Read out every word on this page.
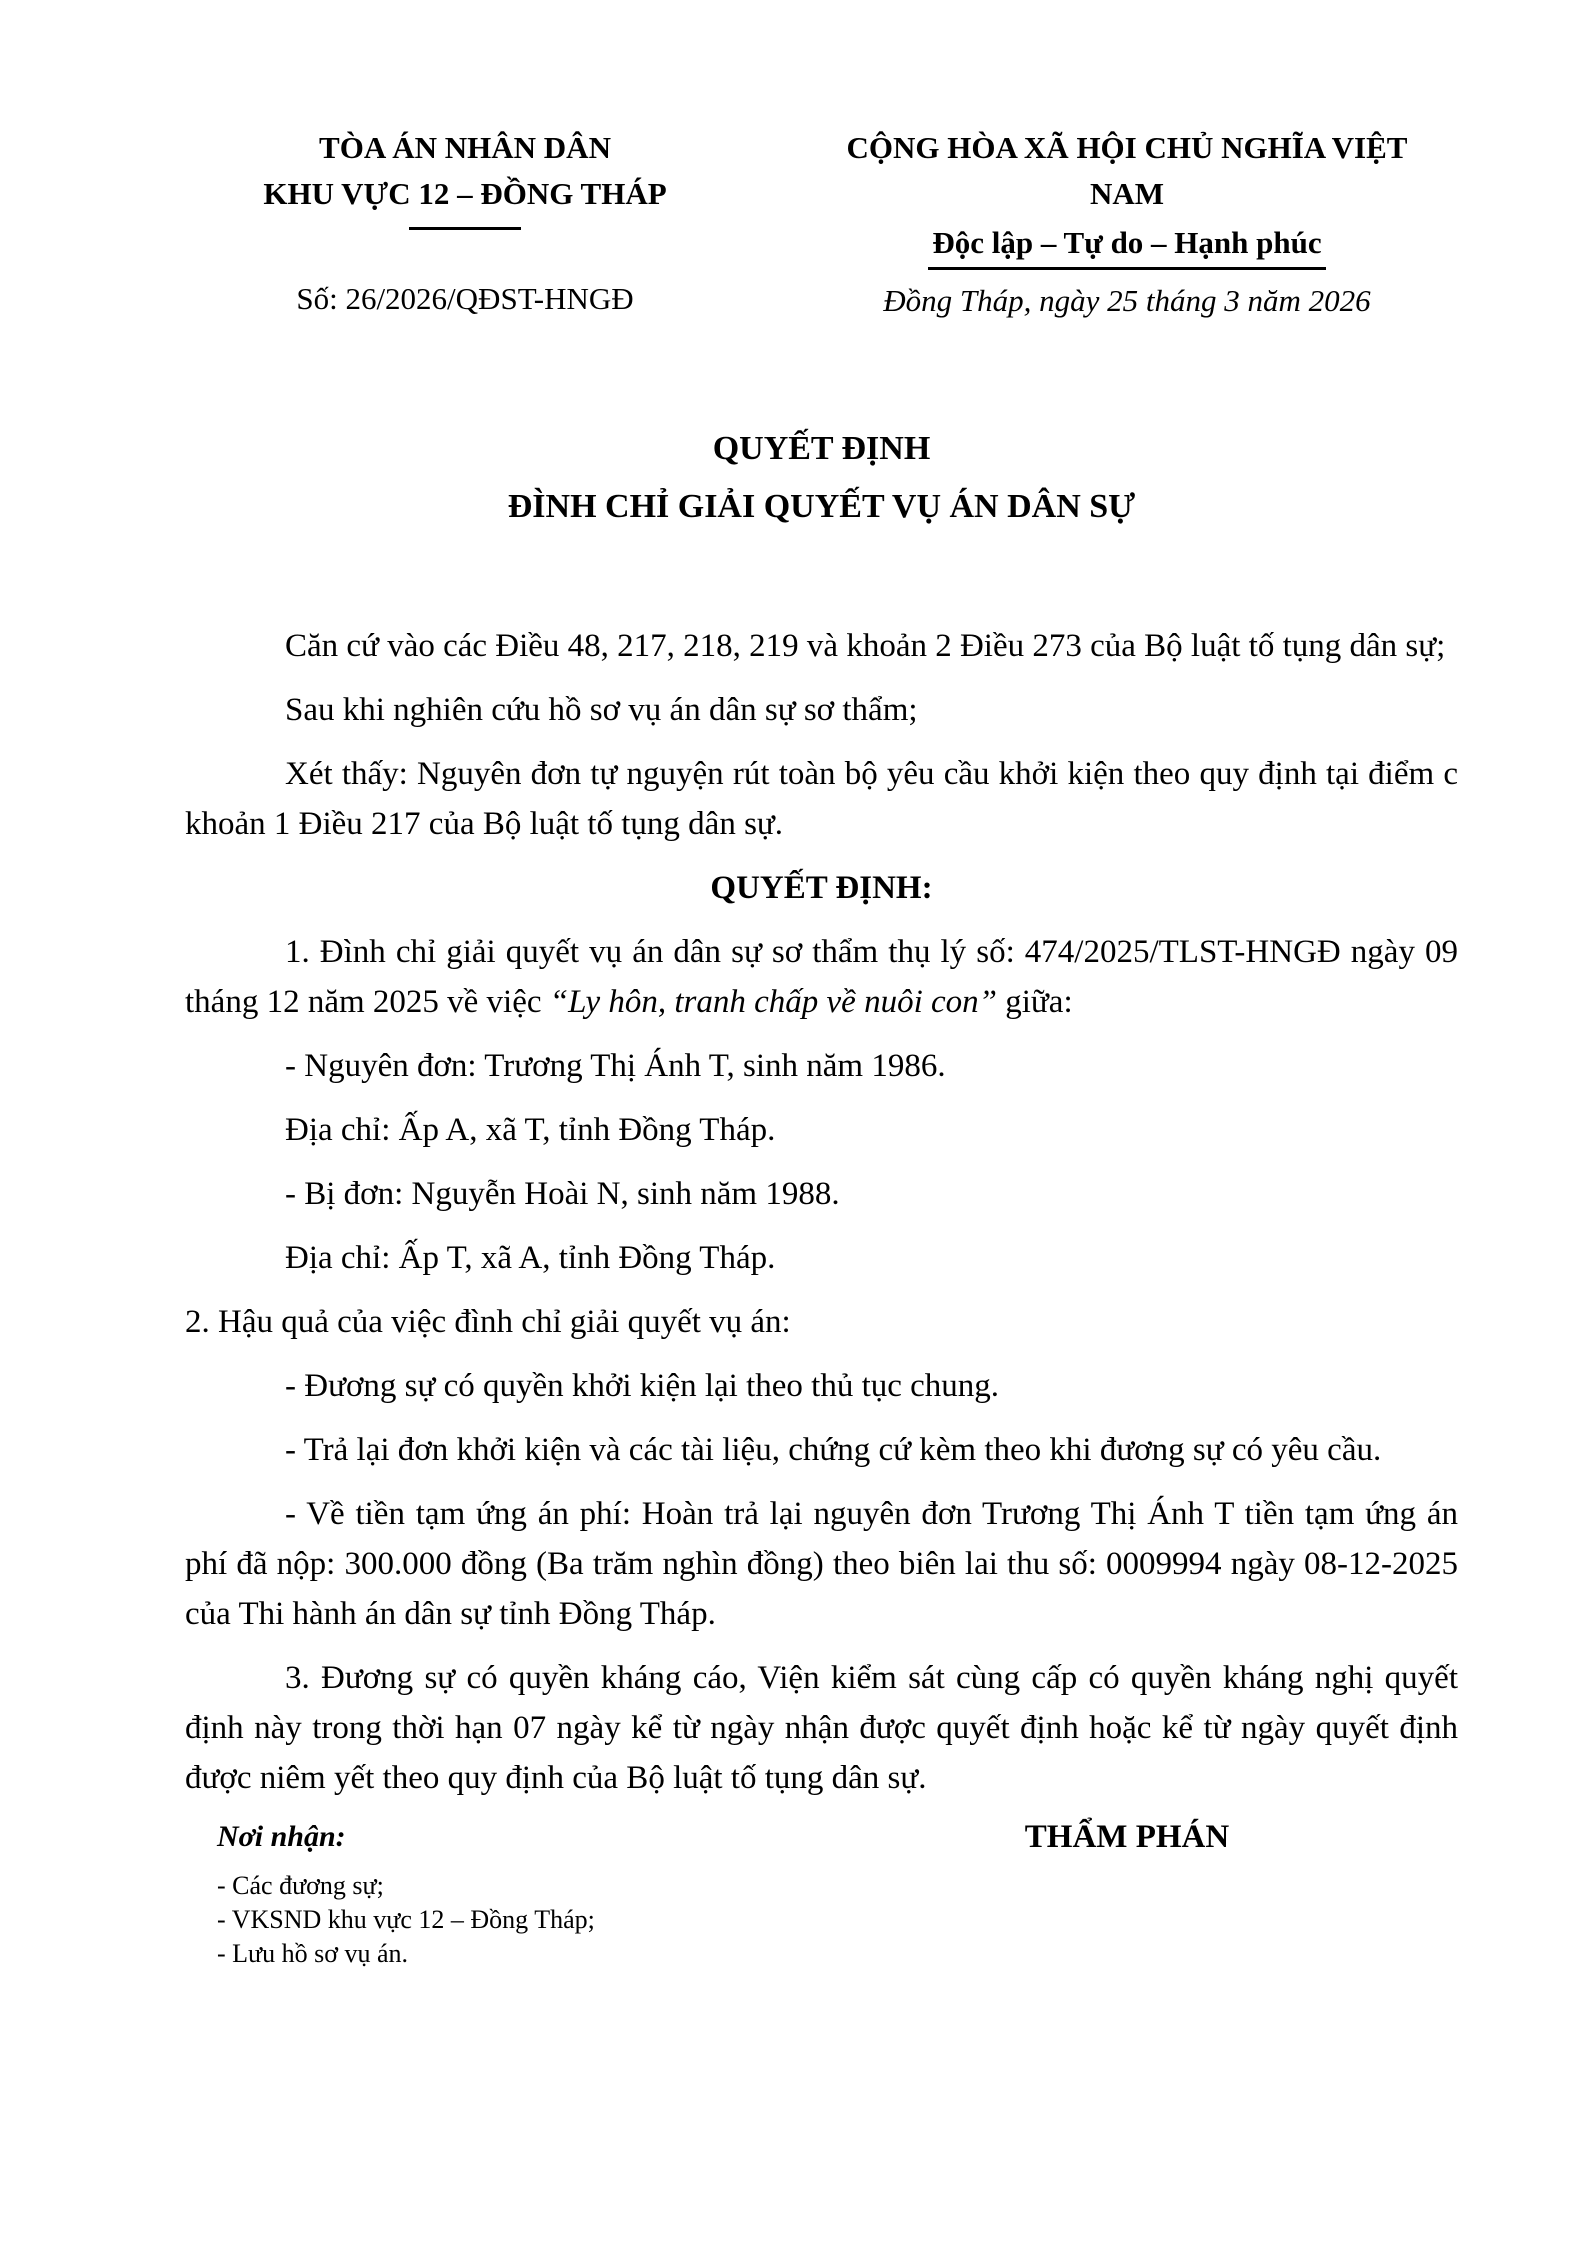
TÒA ÁN NHÂN DÂN
KHU VỰC 12 – ĐỒNG THÁP
Số: 26/2026/QĐST-HNGĐ
CỘNG HÒA XÃ HỘI CHỦ NGHĨA VIỆT NAM
Độc lập – Tự do – Hạnh phúc
Đồng Tháp, ngày 25 tháng 3 năm 2026
QUYẾT ĐỊNH
ĐÌNH CHỈ GIẢI QUYẾT VỤ ÁN DÂN SỰ

Căn cứ vào các Điều 48, 217, 218, 219 và khoản 2 Điều 273 của Bộ luật tố tụng dân sự;

Sau khi nghiên cứu hồ sơ vụ án dân sự sơ thẩm;

Xét thấy: Nguyên đơn tự nguyện rút toàn bộ yêu cầu khởi kiện theo quy định tại điểm c khoản 1 Điều 217 của Bộ luật tố tụng dân sự.

QUYẾT ĐỊNH:

1. Đình chỉ giải quyết vụ án dân sự sơ thẩm thụ lý số: 474/2025/TLST-HNGĐ ngày 09 tháng 12 năm 2025 về việc “Ly hôn, tranh chấp về nuôi con” giữa:

- Nguyên đơn: Trương Thị Ánh T, sinh năm 1986.

Địa chỉ: Ấp A, xã T, tỉnh Đồng Tháp.

- Bị đơn: Nguyễn Hoài N, sinh năm 1988.

Địa chỉ: Ấp T, xã A, tỉnh Đồng Tháp.

2. Hậu quả của việc đình chỉ giải quyết vụ án:

- Đương sự có quyền khởi kiện lại theo thủ tục chung.

- Trả lại đơn khởi kiện và các tài liệu, chứng cứ kèm theo khi đương sự có yêu cầu.

- Về tiền tạm ứng án phí: Hoàn trả lại nguyên đơn Trương Thị Ánh T tiền tạm ứng án phí đã nộp: 300.000 đồng (Ba trăm nghìn đồng) theo biên lai thu số: 0009994 ngày 08-12-2025 của Thi hành án dân sự tỉnh Đồng Tháp.

3. Đương sự có quyền kháng cáo, Viện kiểm sát cùng cấp có quyền kháng nghị quyết định này trong thời hạn 07 ngày kể từ ngày nhận được quyết định hoặc kể từ ngày quyết định được niêm yết theo quy định của Bộ luật tố tụng dân sự.

Nơi nhận:
- Các đương sự;
- VKSND khu vực 12 – Đồng Tháp;
- Lưu hồ sơ vụ án.
THẨM PHÁN
